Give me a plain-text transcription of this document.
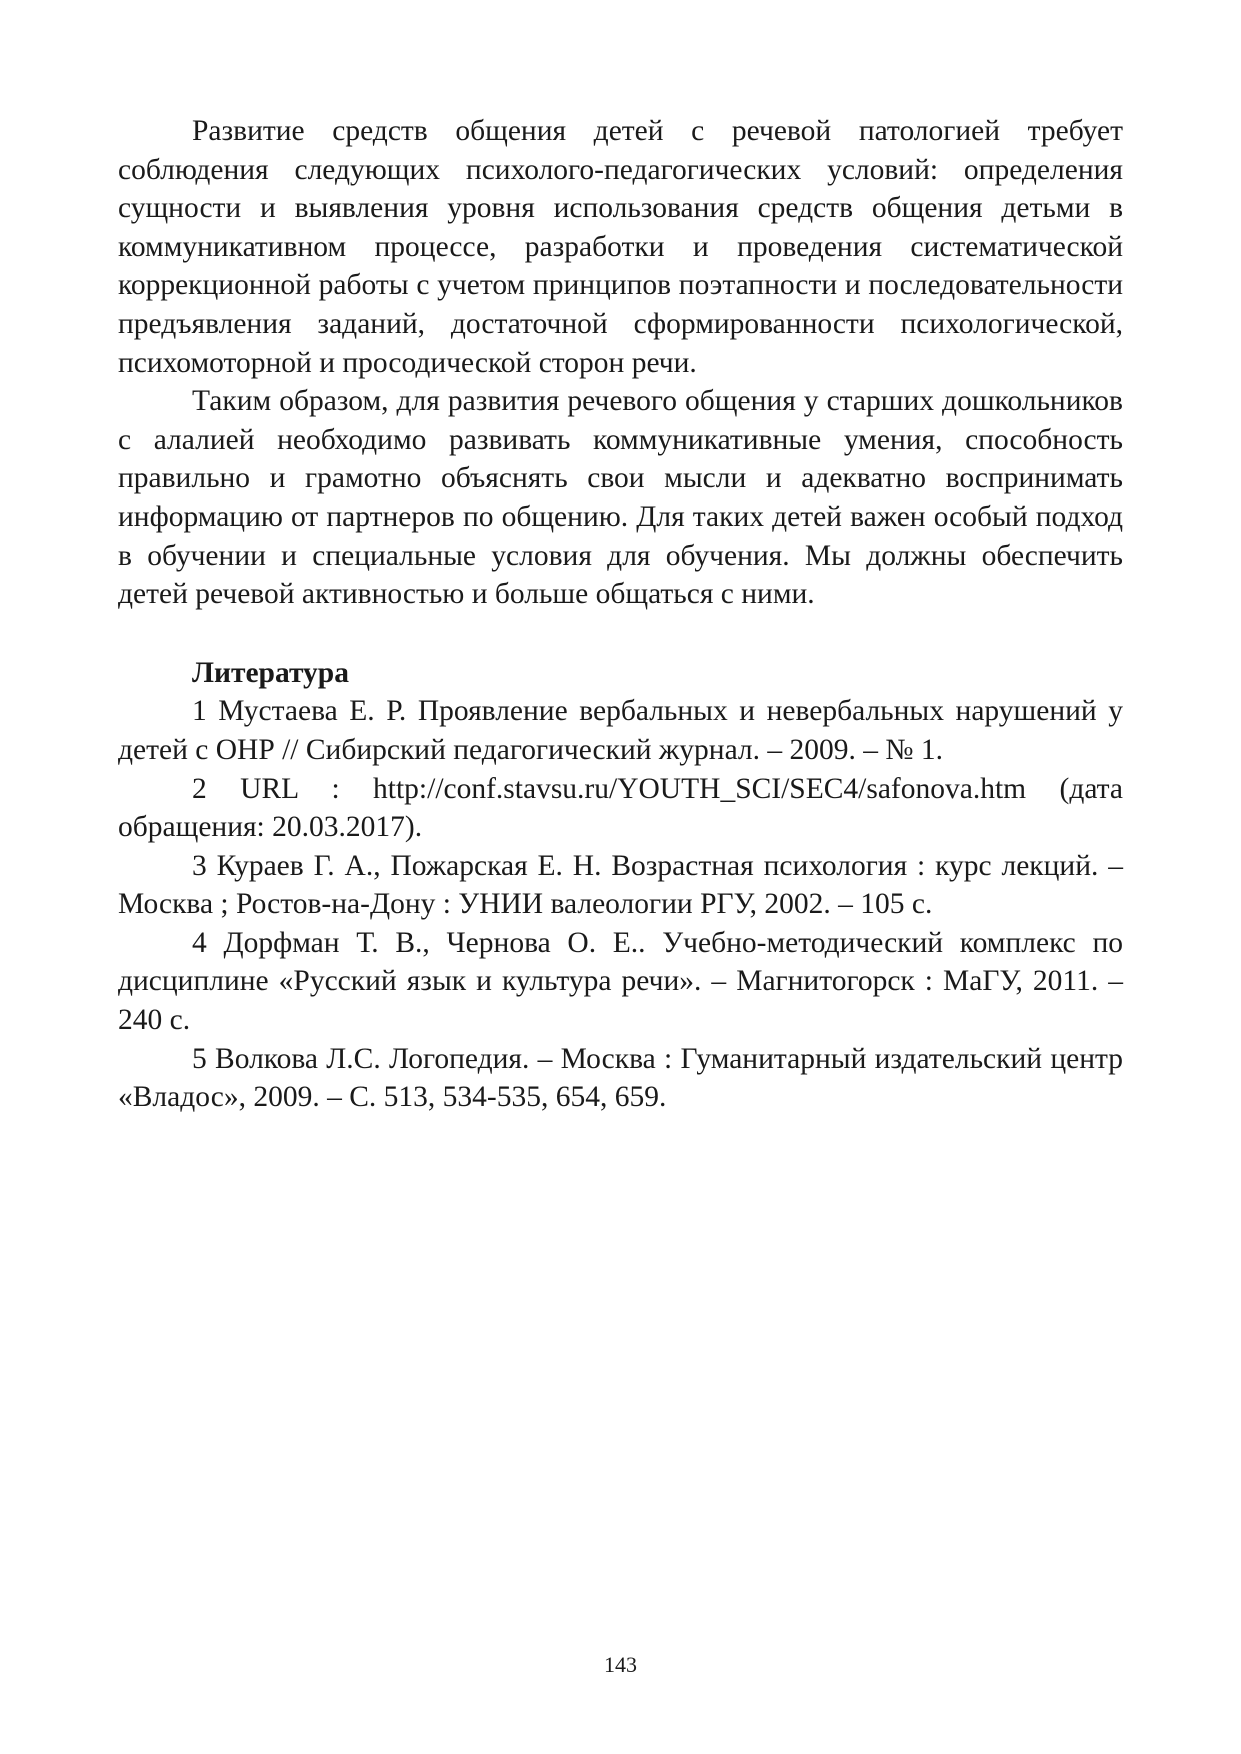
Развитие средств общения детей с речевой патологией требует соблюдения следующих психолого-педагогических условий: определения сущности и выявления уровня использования средств общения детьми в коммуникативном процессе, разработки и проведения систематической коррекционной работы с учетом принципов поэтапности и последовательности предъявления заданий, достаточной сформированности психологической, психомоторной и просодической сторон речи.

Таким образом, для развития речевого общения у старших дошкольников с алалией необходимо развивать коммуникативные умения, способность правильно и грамотно объяснять свои мысли и адекватно воспринимать информацию от партнеров по общению. Для таких детей важен особый подход в обучении и специальные условия для обучения. Мы должны обеспечить детей речевой активностью и больше общаться с ними.

Литература

1 Мустаева Е. Р. Проявление вербальных и невербальных нарушений у детей с ОНР // Сибирский педагогический журнал. – 2009. – № 1.

2 URL : http://conf.stavsu.ru/YOUTH_SCI/SEC4/safonova.htm (дата обращения: 20.03.2017).

3 Кураев Г. А., Пожарская Е. Н. Возрастная психология : курс лекций. – Москва ; Ростов-на-Дону : УНИИ валеологии РГУ, 2002. – 105 с.

4 Дорфман Т. В., Чернова О. Е.. Учебно-методический комплекс по дисциплине «Русский язык и культура речи». – Магнитогорск : МаГУ, 2011. – 240 с.

5 Волкова Л.С. Логопедия. – Москва : Гуманитарный издательский центр «Владос», 2009. – С. 513, 534-535, 654, 659.

143
